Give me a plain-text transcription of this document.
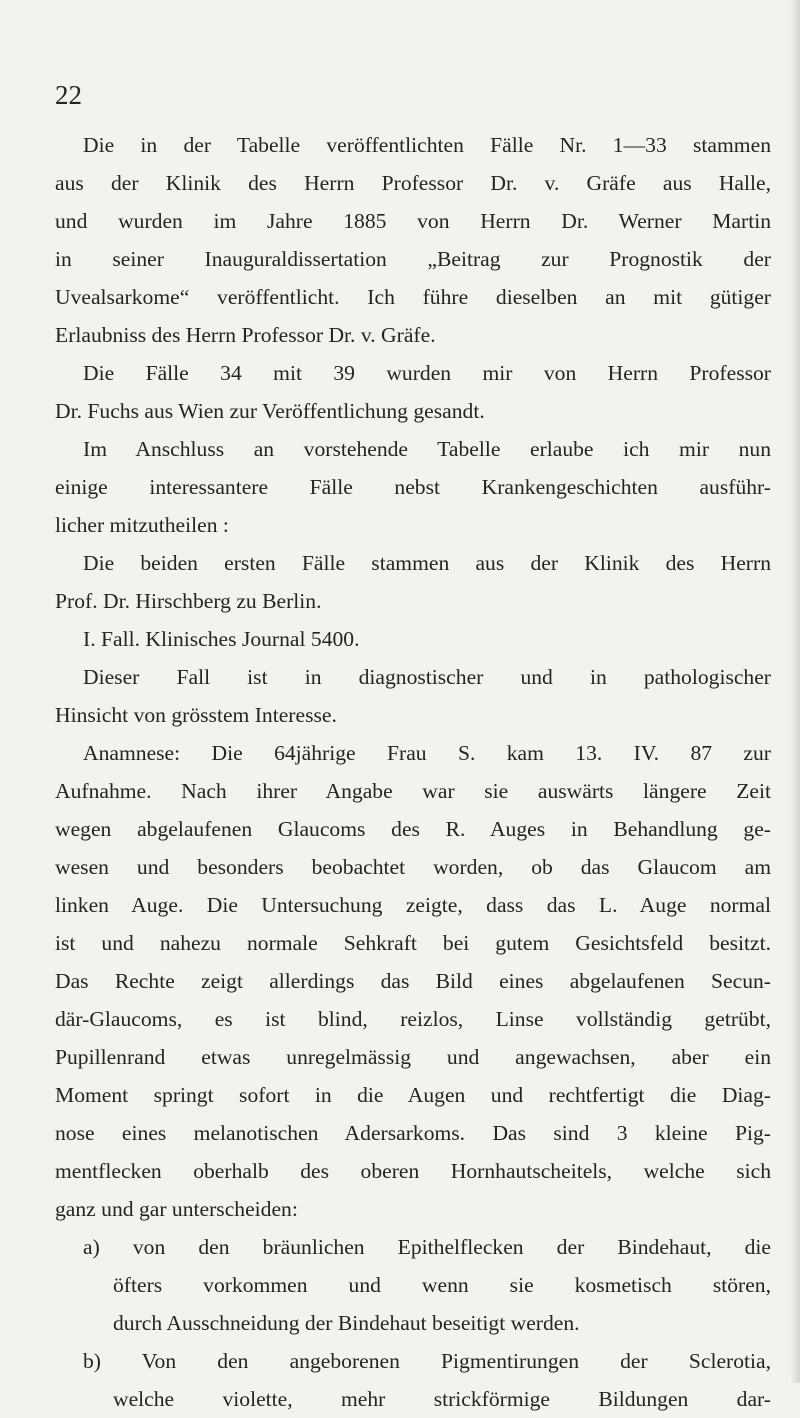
22
Die in der Tabelle veröffentlichten Fälle Nr. 1—33 stammen
aus der Klinik des Herrn Professor Dr. v. Gräfe aus Halle,
und wurden im Jahre 1885 von Herrn Dr. Werner Martin
in seiner Inauguraldissertation „Beitrag zur Prognostik der
Uvealsarkome“ veröffentlicht. Ich führe dieselben an mit gütiger
Erlaubniss des Herrn Professor Dr. v. Gräfe.
Die Fälle 34 mit 39 wurden mir von Herrn Professor
Dr. Fuchs aus Wien zur Veröffentlichung gesandt.
Im Anschluss an vorstehende Tabelle erlaube ich mir nun
einige interessantere Fälle nebst Krankengeschichten ausführ-
licher mitzutheilen :
Die beiden ersten Fälle stammen aus der Klinik des Herrn
Prof. Dr. Hirschberg zu Berlin.
I. Fall. Klinisches Journal 5400.
Dieser Fall ist in diagnostischer und in pathologischer
Hinsicht von grösstem Interesse.
Anamnese: Die 64jährige Frau S. kam 13. IV. 87 zur
Aufnahme. Nach ihrer Angabe war sie auswärts längere Zeit
wegen abgelaufenen Glaucoms des R. Auges in Behandlung ge-
wesen und besonders beobachtet worden, ob das Glaucom am
linken Auge. Die Untersuchung zeigte, dass das L. Auge normal
ist und nahezu normale Sehkraft bei gutem Gesichtsfeld besitzt.
Das Rechte zeigt allerdings das Bild eines abgelaufenen Secun-
där-Glaucoms, es ist blind, reizlos, Linse vollständig getrübt,
Pupillenrand etwas unregelmässig und angewachsen, aber ein
Moment springt sofort in die Augen und rechtfertigt die Diag-
nose eines melanotischen Adersarkoms. Das sind 3 kleine Pig-
mentflecken oberhalb des oberen Hornhautscheitels, welche sich
ganz und gar unterscheiden:
a) von den bräunlichen Epithelflecken der Bindehaut, die
öfters vorkommen und wenn sie kosmetisch stören,
durch Ausschneidung der Bindehaut beseitigt werden.
b) Von den angeborenen Pigmentirungen der Sclerotia,
welche violette, mehr strickförmige Bildungen dar-
